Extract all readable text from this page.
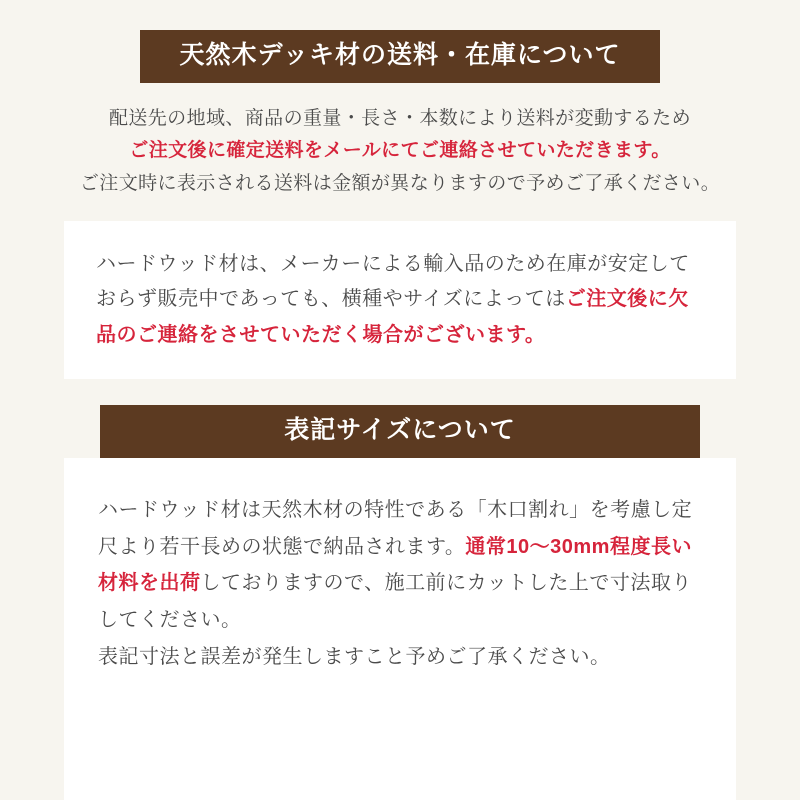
天然木デッキ材の送料・在庫について
配送先の地域、商品の重量・長さ・本数により送料が変動するため
ご注文後に確定送料をメールにてご連絡させていただきます。
ご注文時に表示される送料は金額が異なりますので予めご了承ください。
ハードウッド材は、メーカーによる輸入品のため在庫が安定しておらず販売中であっても、横種やサイズによってはご注文後に欠品のご連絡をさせていただく場合がございます。
表記サイズについて
ハードウッド材は天然木材の特性である「木口割れ」を考慮し定尺より若干長めの状態で納品されます。通常10〜30mm程度長い材料を出荷しておりますので、施工前にカットした上で寸法取りしてください。
表記寸法と誤差が発生しますこと予めご了承ください。
